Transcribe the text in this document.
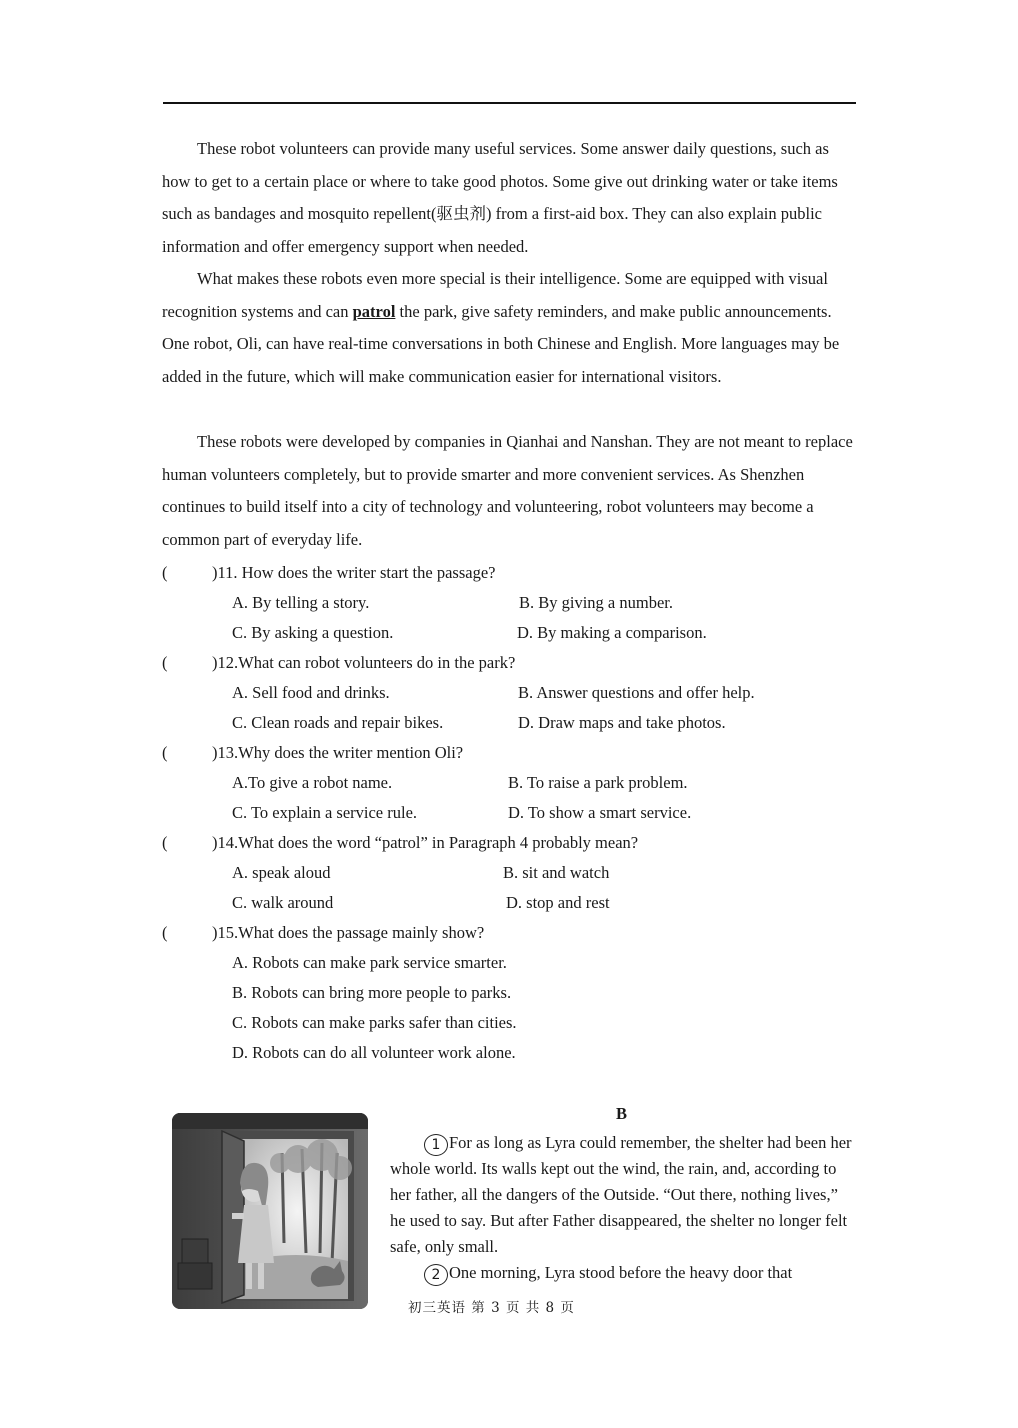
These robot volunteers can provide many useful services. Some answer daily questions, such as how to get to a certain place or where to take good photos. Some give out drinking water or take items such as bandages and mosquito repellent(驱虫剂) from a first-aid box. They can also explain public information and offer emergency support when needed.

What makes these robots even more special is their intelligence. Some are equipped with visual recognition systems and can patrol the park, give safety reminders, and make public announcements. One robot, Oli, can have real-time conversations in both Chinese and English. More languages may be added in the future, which will make communication easier for international visitors.

These robots were developed by companies in Qianhai and Nanshan. They are not meant to replace human volunteers completely, but to provide smarter and more convenient services. As Shenzhen continues to build itself into a city of technology and volunteering, robot volunteers may become a common part of everyday life.

(	)11. How does the writer start the passage?
A. By telling a story.	B. By giving a number.
C. By asking a question.	D. By making a comparison.
(	)12.What can robot volunteers do in the park?
A. Sell food and drinks.	B. Answer questions and offer help.
C. Clean roads and repair bikes.	D. Draw maps and take photos.
(	)13.Why does the writer mention Oli?
A.To give a robot name.	B. To raise a park problem.
C. To explain a service rule.	D. To show a smart service.
(	)14.What does the word “patrol” in Paragraph 4 probably mean?
A. speak aloud	B. sit and watch
C. walk around	D. stop and rest
(	)15.What does the passage mainly show?
A. Robots can make park service smarter.
B. Robots can bring more people to parks.
C. Robots can make parks safer than cities.
D. Robots can do all volunteer work alone.
B

1 For as long as Lyra could remember, the shelter had been her whole world. Its walls kept out the wind, the rain, and, according to her father, all the dangers of the Outside. “Out there, nothing lives,” he used to say. But after Father disappeared, the shelter no longer felt safe, only small.

2 One morning, Lyra stood before the heavy door that

初三英语 第 3 页 共 8 页
